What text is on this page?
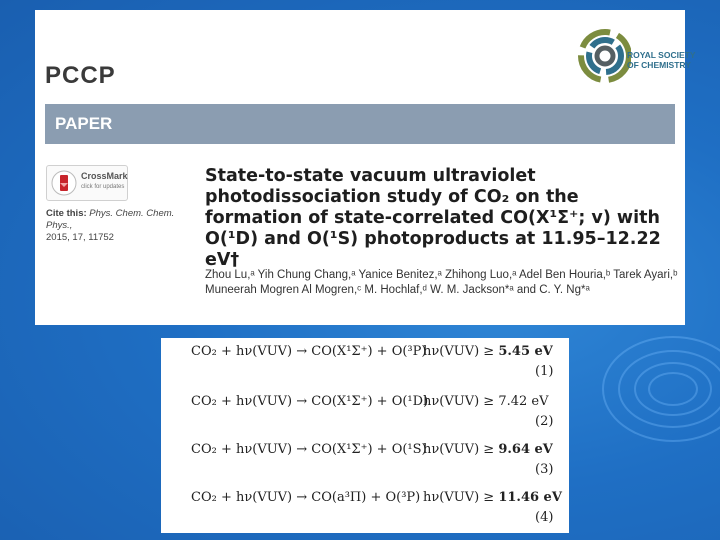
PCCP
ROYAL SOCIETY
OF CHEMISTRY
PAPER
CrossMark
click for updates
Cite this: Phys. Chem. Chem. Phys.,
2015, 17, 11752
State-to-state vacuum ultraviolet photodissociation study of CO₂ on the formation of state-correlated CO(X¹Σ⁺; v) with O(¹D) and O(¹S) photoproducts at 11.95–12.22 eV†
Zhou Lu,ᵃ Yih Chung Chang,ᵃ Yanice Benitez,ᵃ Zhihong Luo,ᵃ Adel Ben Houria,ᵇ Tarek Ayari,ᵇ Muneerah Mogren Al Mogren,ᶜ M. Hochlaf,ᵈ W. M. Jackson*ᵃ and C. Y. Ng*ᵃ
CO₂ + hν(VUV) → CO(X¹Σ⁺) + O(³P)
hν(VUV) ≥ 5.45 eV
(1)
CO₂ + hν(VUV) → CO(X¹Σ⁺) + O(¹D)
hν(VUV) ≥ 7.42 eV
(2)
CO₂ + hν(VUV) → CO(X¹Σ⁺) + O(¹S)
hν(VUV) ≥ 9.64 eV
(3)
CO₂ + hν(VUV) → CO(a³Π) + O(³P) hν(VUV) ≥ 11.46 eV
(4)
